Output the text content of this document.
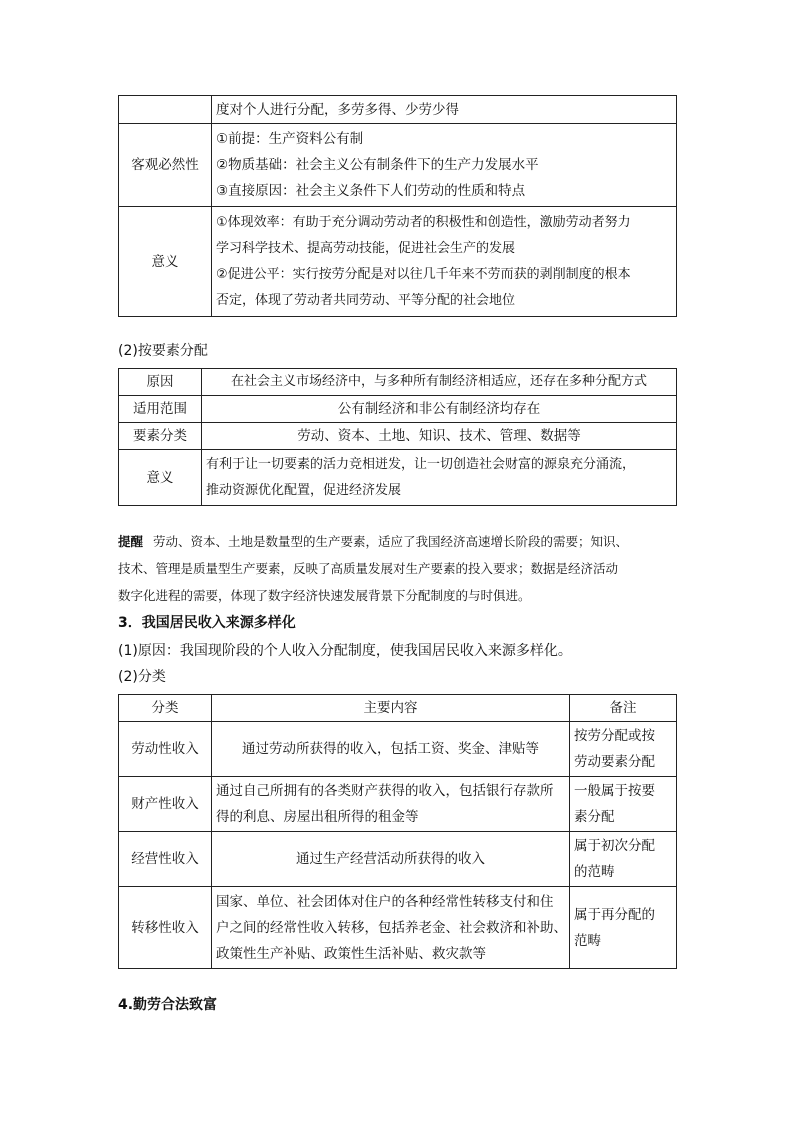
	度对个人进行分配，多劳多得、少劳少得

客观必然性	①前提：生产资料公有制
②物质基础：社会主义公有制条件下的生产力发展水平
③直接原因：社会主义条件下人们劳动的性质和特点

意义	①体现效率：有助于充分调动劳动者的积极性和创造性，激励劳动者努力
学习科学技术、提高劳动技能，促进社会生产的发展
②促进公平：实行按劳分配是对以往几千年来不劳而获的剥削制度的根本
否定，体现了劳动者共同劳动、平等分配的社会地位
(2)按要素分配
原因	在社会主义市场经济中，与多种所有制经济相适应，还存在多种分配方式

适用范围	公有制经济和非公有制经济均存在

要素分类	劳动、资本、土地、知识、技术、管理、数据等

意义	有利于让一切要素的活力竞相迸发，让一切创造社会财富的源泉充分涌流，
推动资源优化配置，促进经济发展
提醒 劳动、资本、土地是数量型的生产要素，适应了我国经济高速增长阶段的需要；知识、
技术、管理是质量型生产要素，反映了高质量发展对生产要素的投入要求；数据是经济活动
数字化进程的需要，体现了数字经济快速发展背景下分配制度的与时俱进。
3．我国居民收入来源多样化
(1)原因：我国现阶段的个人收入分配制度，使我国居民收入来源多样化。
(2)分类
分类	主要内容	备注
劳动性收入	通过劳动所获得的收入，包括工资、奖金、津贴等	按劳分配或按
劳动要素分配

财产性收入	通过自己所拥有的各类财产获得的收入，包括银行存款所
得的利息、房屋出租所得的租金等	一般属于按要
素分配

经营性收入	通过生产经营活动所获得的收入	属于初次分配
的范畴

转移性收入	国家、单位、社会团体对住户的各种经常性转移支付和住
户之间的经常性收入转移，包括养老金、社会救济和补助、
政策性生产补贴、政策性生活补贴、救灾款等	属于再分配的
范畴
4.勤劳合法致富
